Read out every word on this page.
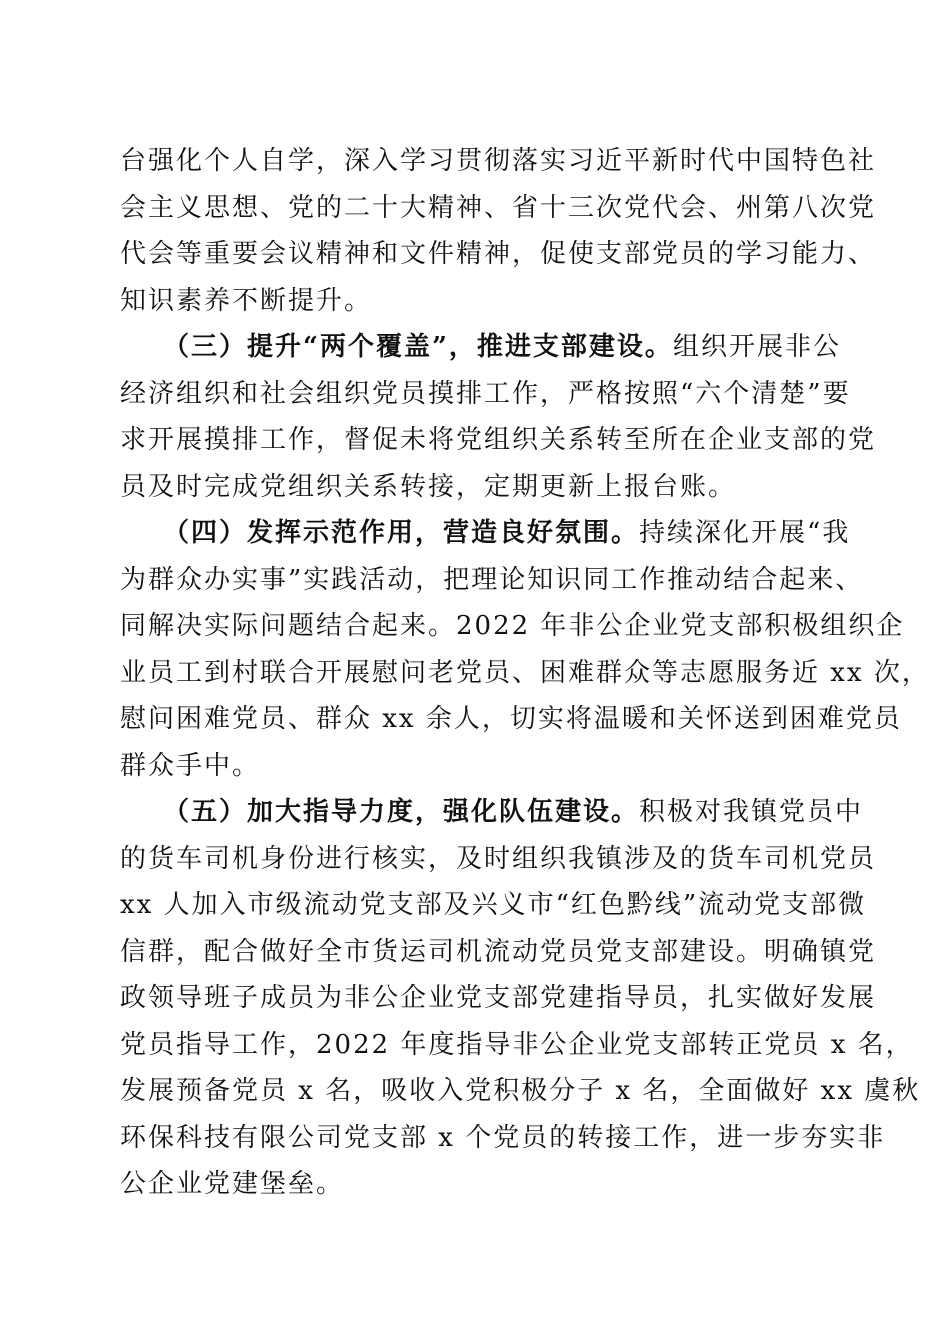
台强化个人自学，深入学习贯彻落实习近平新时代中国特色社
会主义思想、党的二十大精神、省十三次党代会、州第八次党
代会等重要会议精神和文件精神，促使支部党员的学习能力、
知识素养不断提升。
　　（三）提升“两个覆盖”，推进支部建设。组织开展非公
经济组织和社会组织党员摸排工作，严格按照“六个清楚”要
求开展摸排工作，督促未将党组织关系转至所在企业支部的党
员及时完成党组织关系转接，定期更新上报台账。
　　（四）发挥示范作用，营造良好氛围。持续深化开展“我
为群众办实事”实践活动，把理论知识同工作推动结合起来、
同解决实际问题结合起来。2022 年非公企业党支部积极组织企
业员工到村联合开展慰问老党员、困难群众等志愿服务近 xx 次，
慰问困难党员、群众 xx 余人，切实将温暖和关怀送到困难党员
群众手中。
　　（五）加大指导力度，强化队伍建设。积极对我镇党员中
的货车司机身份进行核实，及时组织我镇涉及的货车司机党员
xx 人加入市级流动党支部及兴义市“红色黔线”流动党支部微
信群，配合做好全市货运司机流动党员党支部建设。明确镇党
政领导班子成员为非公企业党支部党建指导员，扎实做好发展
党员指导工作，2022 年度指导非公企业党支部转正党员 x 名，
发展预备党员 x 名，吸收入党积极分子 x 名，全面做好 xx 虞秋
环保科技有限公司党支部 x 个党员的转接工作，进一步夯实非
公企业党建堡垒。
